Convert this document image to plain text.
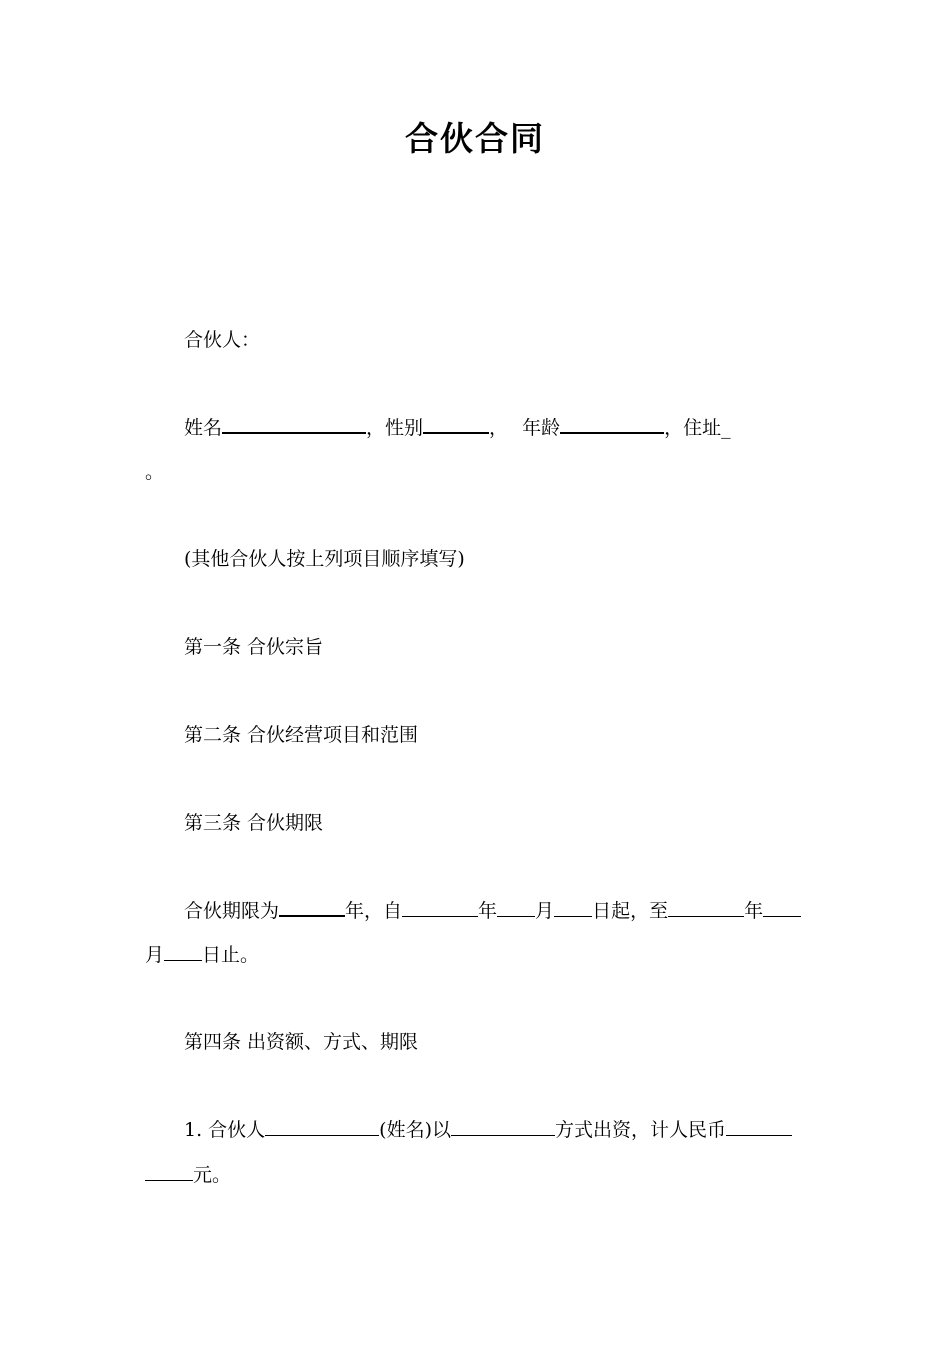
合伙合同
合伙人：
姓名	，性别	， 年龄	，住址_
。
(其他合伙人按上列项目顺序填写)
第一条 合伙宗旨
第二条 合伙经营项目和范围
第三条 合伙期限
合伙期限为	年，自	年 月 日起，至	年
月 日止。
第四条 出资额、方式、期限
1. 合伙人	(姓名)以	方式出资，计人民币
元。
